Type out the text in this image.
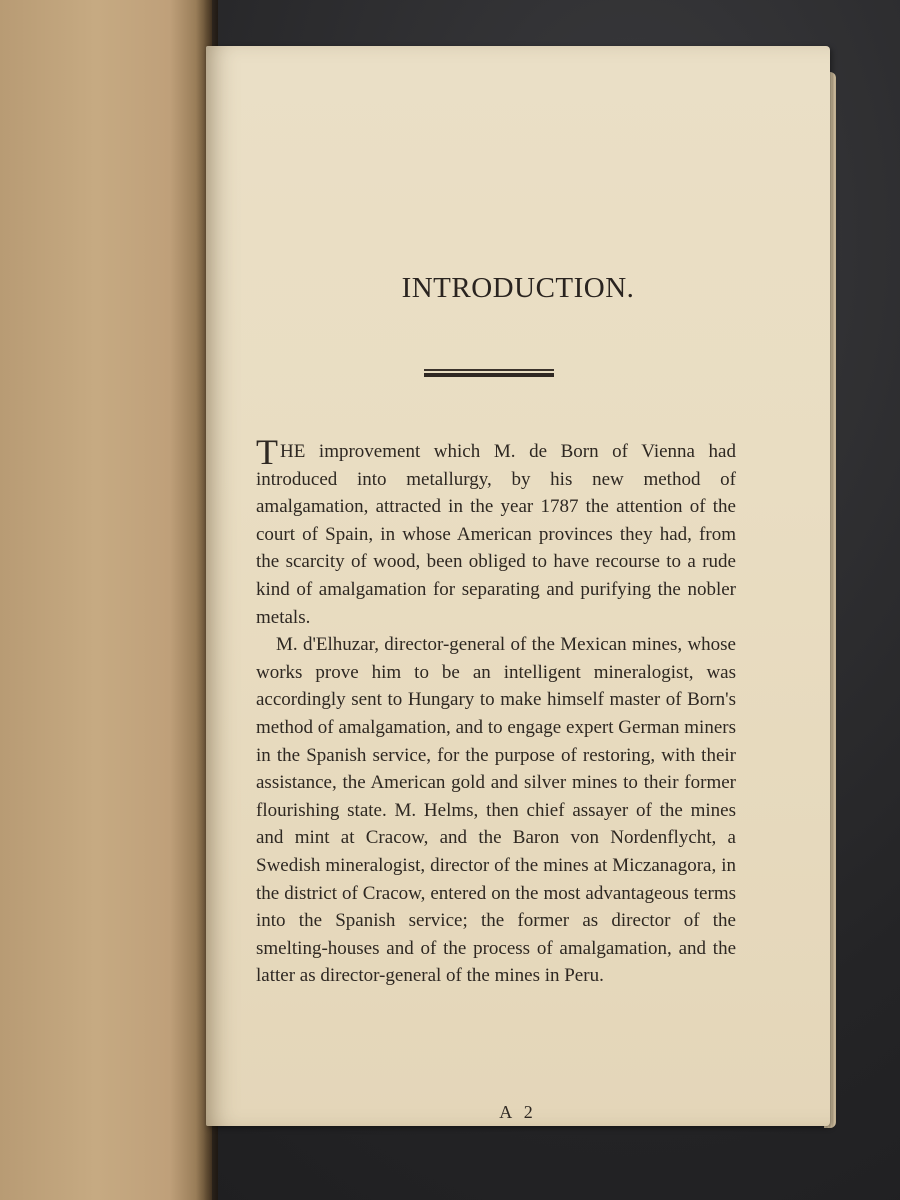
INTRODUCTION.

THE improvement which M. de Born of Vienna had introduced into metallurgy, by his new method of amalgamation, attracted in the year 1787 the attention of the court of Spain, in whose American provinces they had, from the scarcity of wood, been obliged to have recourse to a rude kind of amalgamation for separating and purifying the nobler metals.

M. d'Elhuzar, director-general of the Mexican mines, whose works prove him to be an intelligent mineralogist, was accordingly sent to Hungary to make himself master of Born's method of amalgamation, and to engage expert German miners in the Spanish service, for the purpose of restoring, with their assistance, the American gold and silver mines to their former flourishing state. M. Helms, then chief assayer of the mines and mint at Cracow, and the Baron von Nordenflycht, a Swedish mineralogist, director of the mines at Miczanagora, in the district of Cracow, entered on the most advantageous terms into the Spanish service; the former as director of the smelting-houses and of the process of amalgamation, and the latter as director-general of the mines in Peru.

A 2
